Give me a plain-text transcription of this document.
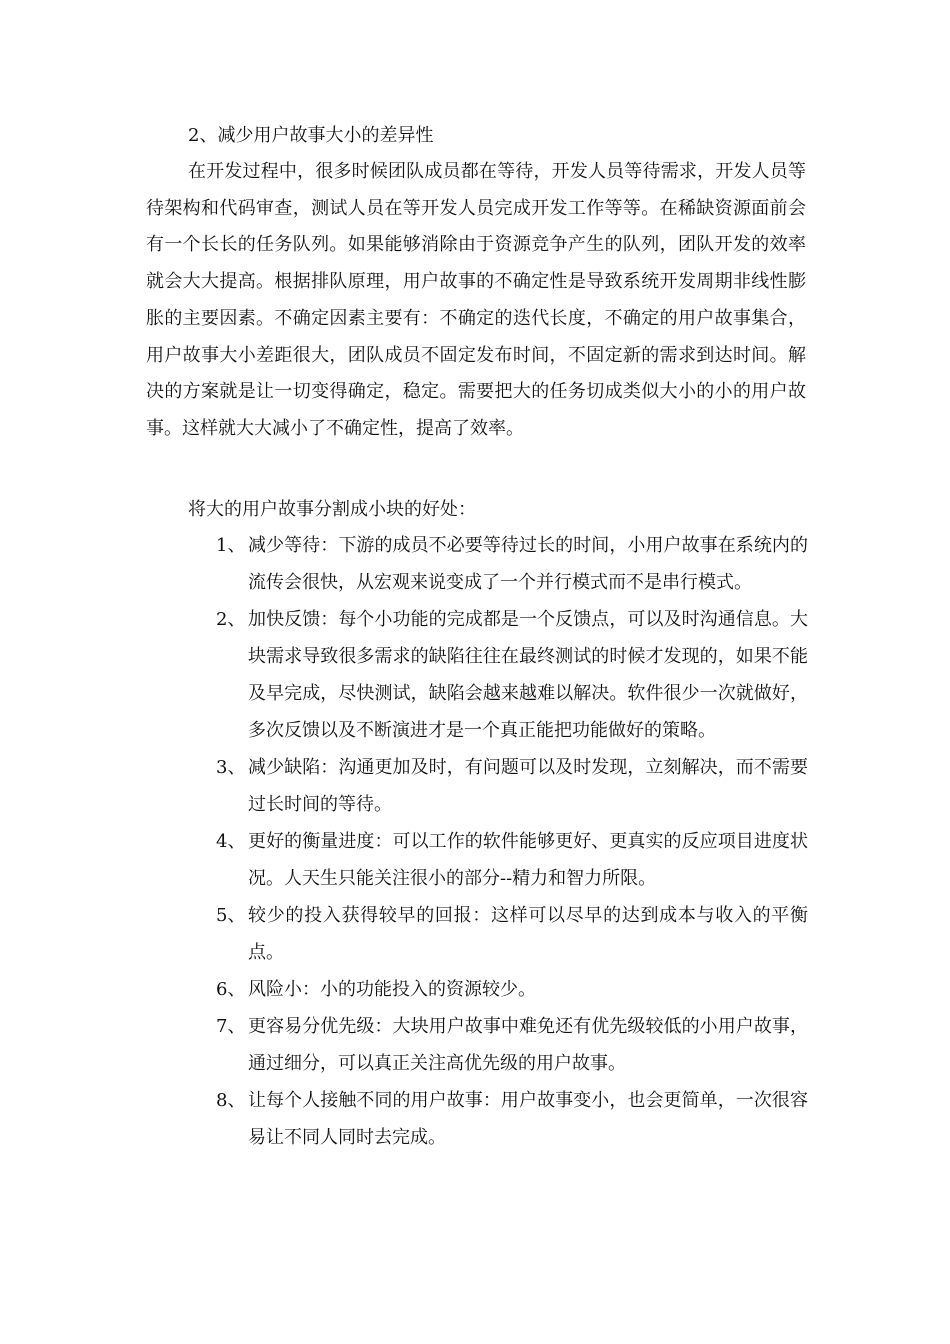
2、减少用户故事大小的差异性

在开发过程中，很多时候团队成员都在等待，开发人员等待需求，开发人员等待架构和代码审查，测试人员在等开发人员完成开发工作等等。在稀缺资源面前会有一个长长的任务队列。如果能够消除由于资源竞争产生的队列，团队开发的效率就会大大提高。根据排队原理，用户故事的不确定性是导致系统开发周期非线性膨胀的主要因素。不确定因素主要有：不确定的迭代长度，不确定的用户故事集合，用户故事大小差距很大，团队成员不固定发布时间，不固定新的需求到达时间。解决的方案就是让一切变得确定，稳定。需要把大的任务切成类似大小的小的用户故事。这样就大大减小了不确定性，提高了效率。

将大的用户故事分割成小块的好处：
1、 减少等待：下游的成员不必要等待过长的时间，小用户故事在系统内的流传会很快，从宏观来说变成了一个并行模式而不是串行模式。
2、 加快反馈：每个小功能的完成都是一个反馈点，可以及时沟通信息。大块需求导致很多需求的缺陷往往在最终测试的时候才发现的，如果不能及早完成，尽快测试，缺陷会越来越难以解决。软件很少一次就做好，多次反馈以及不断演进才是一个真正能把功能做好的策略。
3、 减少缺陷：沟通更加及时，有问题可以及时发现，立刻解决，而不需要过长时间的等待。
4、 更好的衡量进度：可以工作的软件能够更好、更真实的反应项目进度状况。人天生只能关注很小的部分--精力和智力所限。
5、 较少的投入获得较早的回报：这样可以尽早的达到成本与收入的平衡点。
6、 风险小：小的功能投入的资源较少。
7、 更容易分优先级：大块用户故事中难免还有优先级较低的小用户故事，通过细分，可以真正关注高优先级的用户故事。
8、 让每个人接触不同的用户故事：用户故事变小，也会更简单，一次很容易让不同人同时去完成。
